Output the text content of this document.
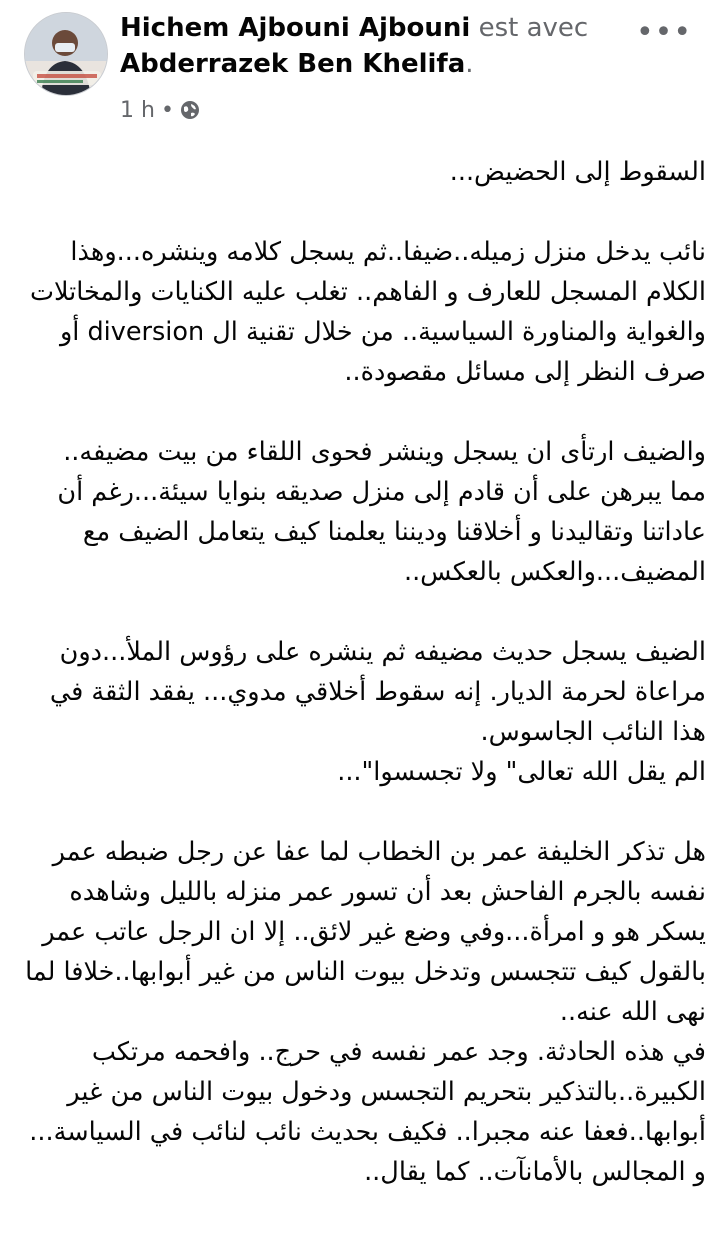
Hichem Ajbouni Ajbouni est avec Abderrazek Ben Khelifa.
1 h •
•••

السقوط إلى الحضيض...

نائب يدخل منزل زميله..ضيفا..ثم يسجل كلامه وينشره...وهذا الكلام المسجل للعارف و الفاهم.. تغلب عليه الكنايات والمخاتلات والغواية والمناورة السياسية.. من خلال تقنية ال diversion أو صرف النظر إلى مسائل مقصودة..

والضيف ارتأى ان يسجل وينشر فحوى اللقاء من بيت مضيفه.. مما يبرهن على أن قادم إلى منزل صديقه بنوايا سيئة...رغم أن عاداتنا وتقاليدنا و أخلاقنا وديننا يعلمنا كيف يتعامل الضيف مع المضيف...والعكس بالعكس..

الضيف يسجل حديث مضيفه ثم ينشره على رؤوس الملأ...دون مراعاة لحرمة الديار. إنه سقوط أخلاقي مدوي... يفقد الثقة في هذا النائب الجاسوس.
الم يقل الله تعالى" ولا تجسسوا"...

هل تذكر الخليفة عمر بن الخطاب لما عفا عن رجل ضبطه عمر نفسه بالجرم الفاحش بعد أن تسور عمر منزله بالليل وشاهده يسكر هو و امرأة...وفي وضع غير لائق.. إلا ان الرجل عاتب عمر بالقول كيف تتجسس وتدخل بيوت الناس من غير أبوابها..خلافا لما نهى الله عنه..
في هذه الحادثة. وجد عمر نفسه في حرج.. وافحمه مرتكب الكبيرة..بالتذكير بتحريم التجسس ودخول بيوت الناس من غير أبوابها..فعفا عنه مجبرا.. فكيف بحديث نائب لنائب في السياسة... و المجالس بالأمانآت.. كما يقال..
